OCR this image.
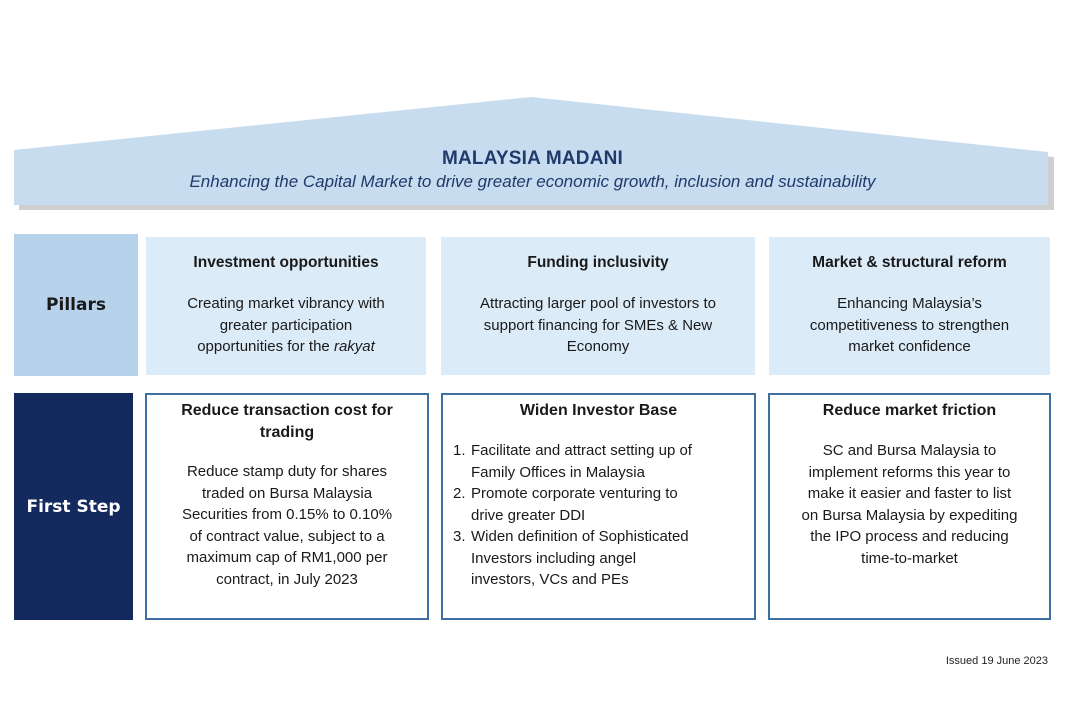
MALAYSIA MADANI
Enhancing the Capital Market to drive greater economic growth, inclusion and sustainability
Pillars
First Step
Investment opportunities
Creating market vibrancy with
greater participation
opportunities for the rakyat
Funding inclusivity
Attracting larger pool of investors to
support financing for SMEs & New
Economy
Market & structural reform
Enhancing Malaysia’s
competitiveness to strengthen
market confidence
Reduce transaction cost for
trading
Reduce stamp duty for shares
traded on Bursa Malaysia
Securities from 0.15% to 0.10%
of contract value, subject to a
maximum cap of RM1,000 per
contract, in July 2023
Widen Investor Base
1. Facilitate and attract setting up of
Family Offices in Malaysia
2. Promote corporate venturing to
drive greater DDI
3. Widen definition of Sophisticated
Investors including angel
investors, VCs and PEs
Reduce market friction
SC and Bursa Malaysia to
implement reforms this year to
make it easier and faster to list
on Bursa Malaysia by expediting
the IPO process and reducing
time-to-market
Issued 19 June 2023
